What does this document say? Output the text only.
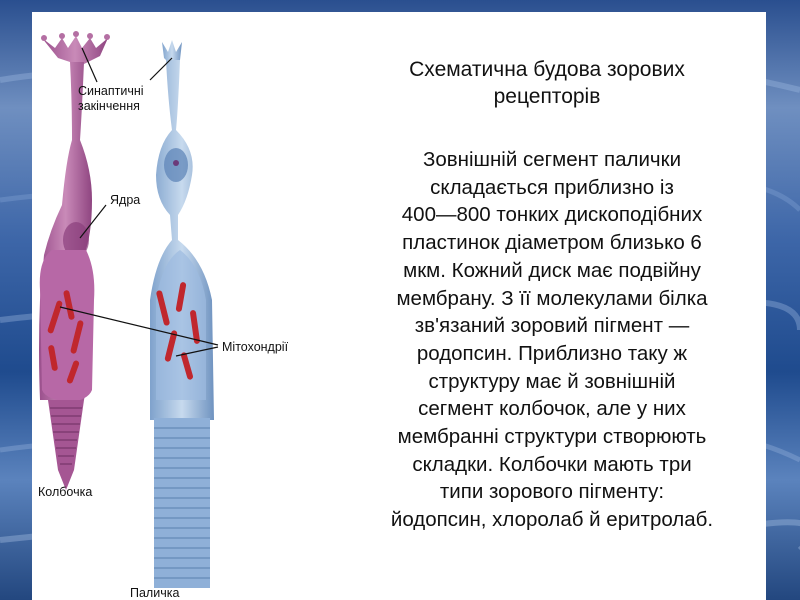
Синаптичні
закінчення
Ядра
Мітохондрії
Колбочка
Паличка
Схематична будова зорових
рецепторів
Зовнішній сегмент палички
складається приблизно із
400—800 тонких дископодібних
пластинок діаметром близько 6
мкм. Кожний диск має подвійну
мембрану. З її молекулами білка
зв'язаний зоровий пігмент —
родопсин. Приблизно таку ж
структуру має й зовнішній
сегмент колбочок, але у них
мембранні структури створюють
складки. Колбочки мають три
типи зорового пігменту:
йодопсин, хлоролаб й еритролаб.
